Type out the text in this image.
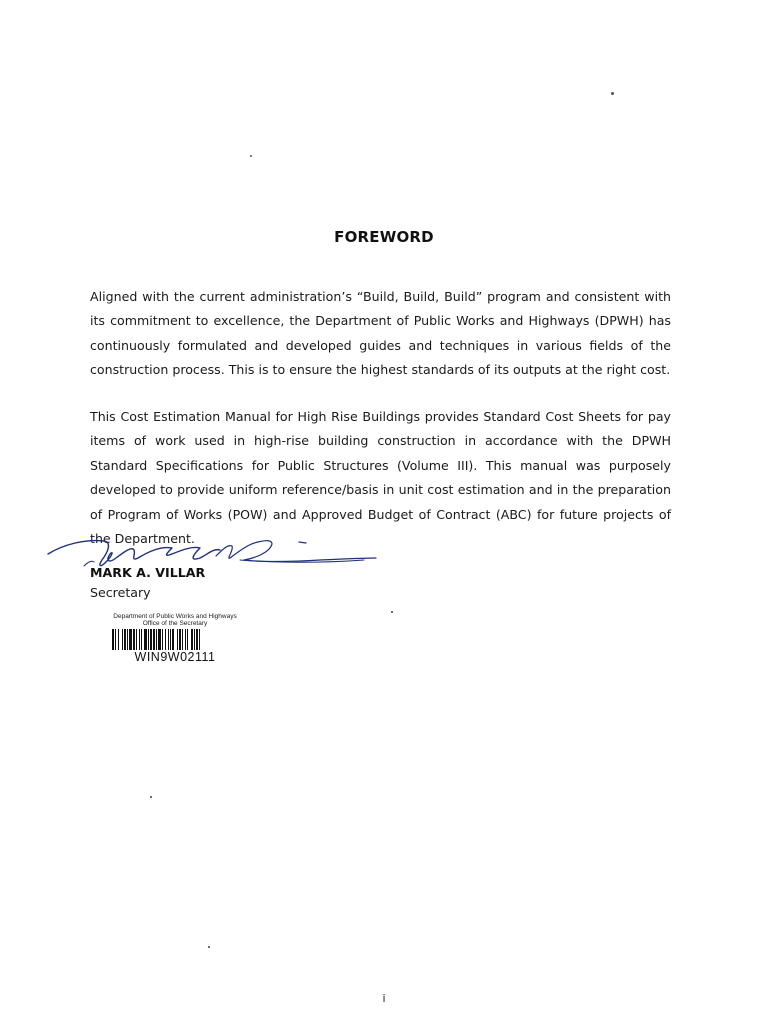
FOREWORD
Aligned with the current administration’s “Build, Build, Build” program and consistent with its commitment to excellence, the Department of Public Works and Highways (DPWH) has continuously formulated and developed guides and techniques in various fields of the construction process. This is to ensure the highest standards of its outputs at the right cost.
This Cost Estimation Manual for High Rise Buildings provides Standard Cost Sheets for pay items of work used in high-rise building construction in accordance with the DPWH Standard Specifications for Public Structures (Volume III). This manual was purposely developed to provide uniform reference/basis in unit cost estimation and in the preparation of Program of Works (POW) and Approved Budget of Contract (ABC) for future projects of the Department.
MARK A. VILLAR
Secretary
Department of Public Works and Highways
Office of the Secretary
WIN9W02111
i
